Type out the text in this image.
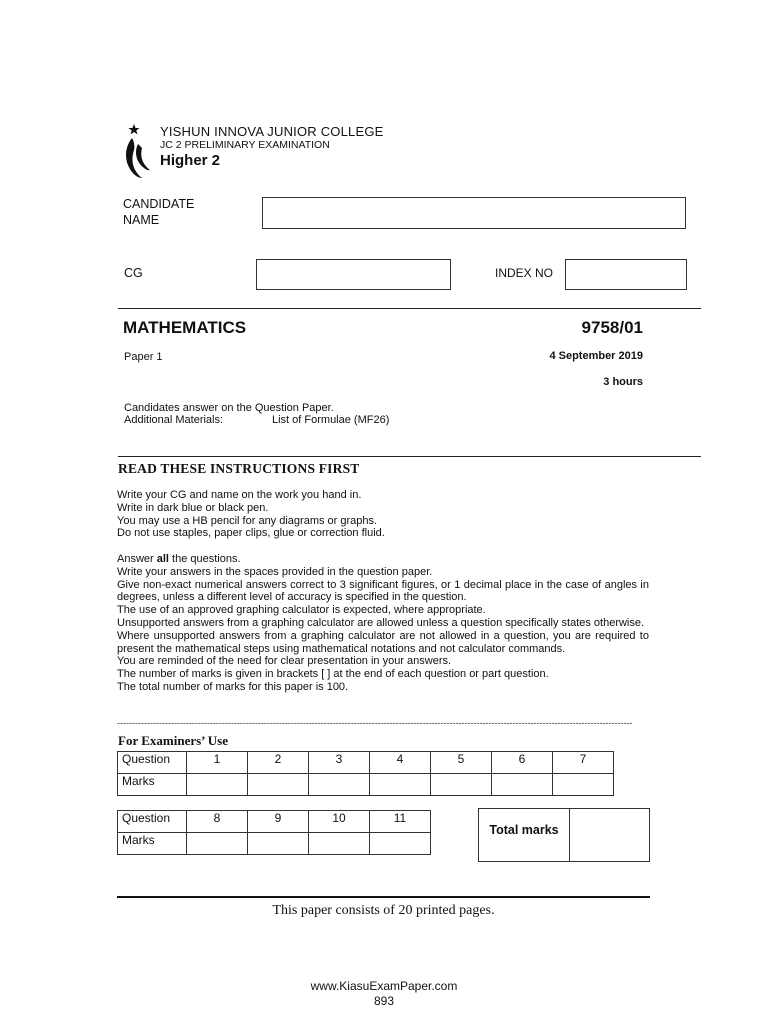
YISHUN INNOVA JUNIOR COLLEGE
JC 2 PRELIMINARY EXAMINATION
Higher 2
CANDIDATE
NAME
CG	INDEX NO
MATHEMATICS	9758/01
Paper 1	4 September 2019
3 hours
Candidates answer on the Question Paper.
Additional Materials:	List of Formulae (MF26)
READ THESE INSTRUCTIONS FIRST
Write your CG and name on the work you hand in.
Write in dark blue or black pen.
You may use a HB pencil for any diagrams or graphs.
Do not use staples, paper clips, glue or correction fluid.
Answer all the questions.
Write your answers in the spaces provided in the question paper.
Give non-exact numerical answers correct to 3 significant figures, or 1 decimal place in the case of angles in degrees, unless a different level of accuracy is specified in the question.
The use of an approved graphing calculator is expected, where appropriate.
Unsupported answers from a graphing calculator are allowed unless a question specifically states otherwise.
Where unsupported answers from a graphing calculator are not allowed in a question, you are required to present the mathematical steps using mathematical notations and not calculator commands.
You are reminded of the need for clear presentation in your answers.
The number of marks is given in brackets [ ] at the end of each question or part question.
The total number of marks for this paper is 100.
----------------------------------------------------------------------------------------------------------------------------------------------------------------------------
For Examiners’ Use
Question	1	2	3	4	5	6	7
Marks							
Question	8	9	10	11
Marks				
Total marks
This paper consists of 20 printed pages.
www.KiasuExamPaper.com
893
